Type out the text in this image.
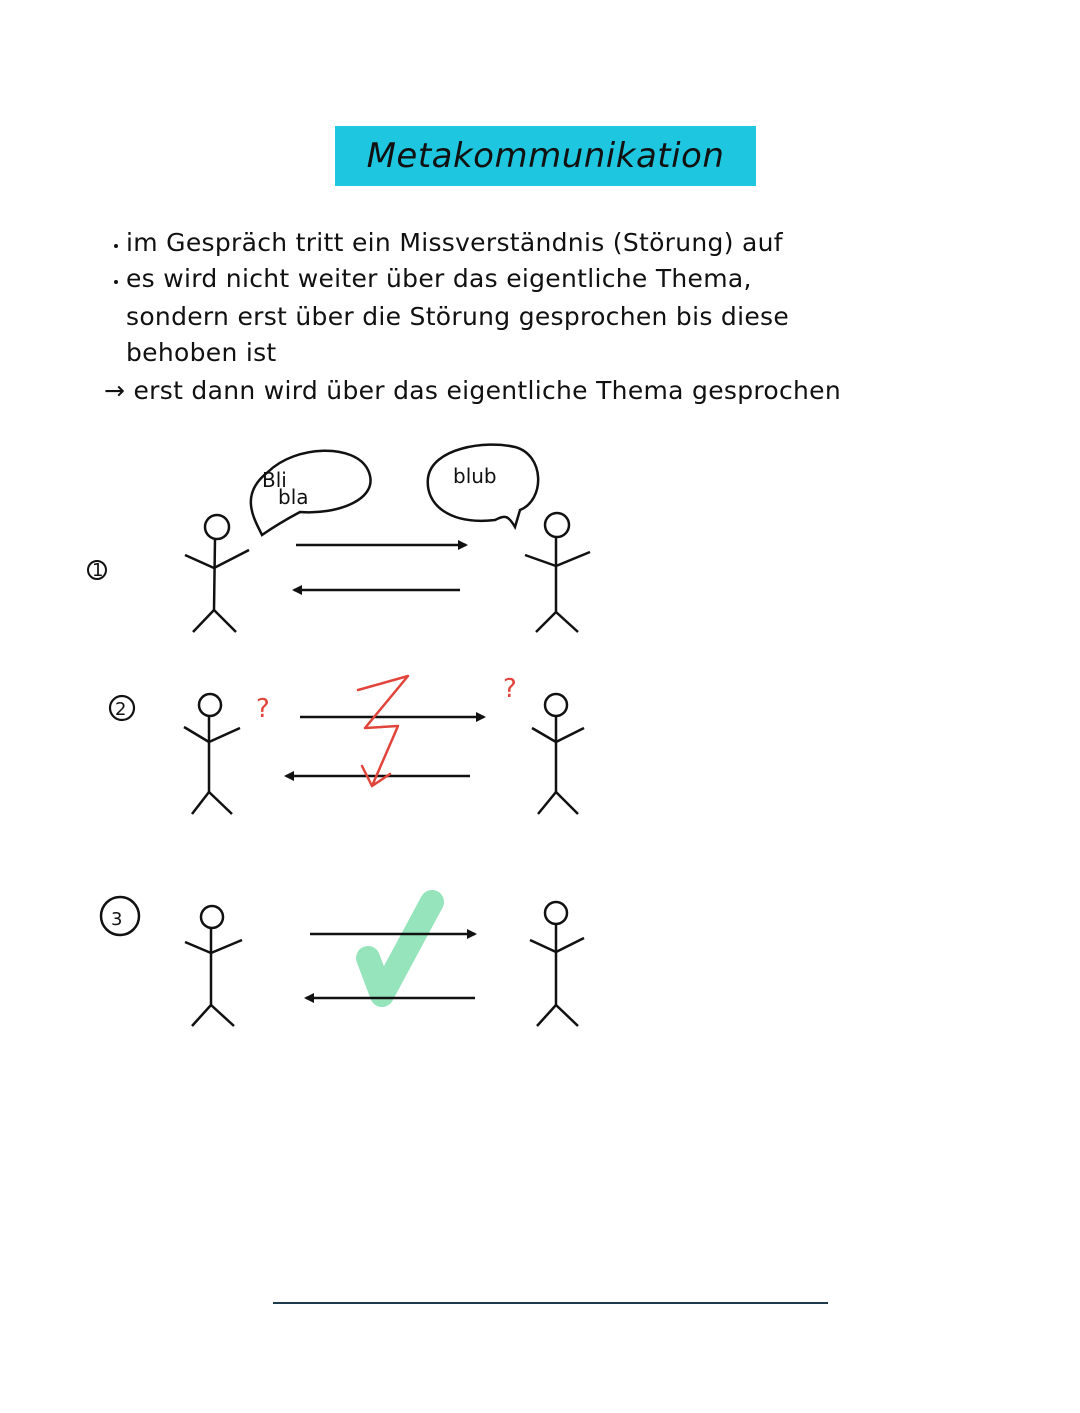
Metakommunikation
im Gespräch tritt ein Missverständnis (Störung) auf
es wird nicht weiter über das eigentliche Thema,
sondern erst über die Störung gesprochen bis diese
behoben ist
→ erst dann wird über das eigentliche Thema gesprochen
Bli
bla
blub
1
2
3
?
?
